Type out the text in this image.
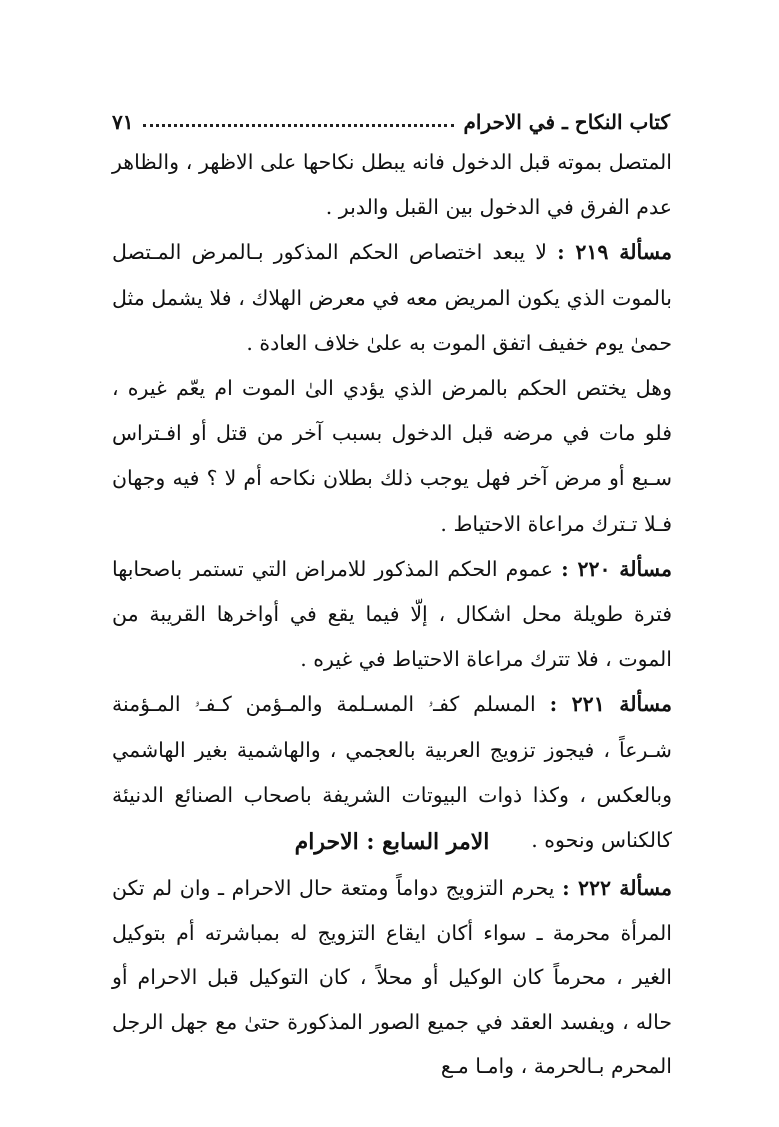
كتاب النكاح ـ في الاحرام
٧١

المتصل بموته قبل الدخول فانه يبطل نكاحها على الاظهر ، والظاهر عدم الفرق في الدخول بين القبل والدبر .

مسألة ٢١٩ : لا يبعد اختصاص الحكم المذكور بـالمرض المـتصل بالموت الذي يكون المريض معه في معرض الهلاك ، فلا يشمل مثل حمىٰ يوم خفيف اتفق الموت به علىٰ خلاف العادة .

وهل يختص الحكم بالمرض الذي يؤدي الىٰ الموت ام يعّم غيره ، فلو مات في مرضه قبل الدخول بسبب آخر من قتل أو افـتراس سـبع أو مرض آخر فهل يوجب ذلك بطلان نكاحه أم لا ؟ فيه وجهان فـلا تـترك مراعاة الاحتياط .

مسألة ٢٢٠ : عموم الحكم المذكور للامراض التي تستمر باصحابها فترة طويلة محل اشكال ، إلّا فيما يقع في أواخرها القريبة من الموت ، فلا تترك مراعاة الاحتياط في غيره .

مسألة ٢٢١ : المسلم كفـۥ المسـلمة والمـؤمن كـفـۥ المـؤمنة شـرعاً ، فيجوز تزويج العربية بالعجمي ، والهاشمية بغير الهاشمي وبالعكس ، وكذا ذوات البيوتات الشريفة باصحاب الصنائع الدنيئة كالكناس ونحوه .

الامر السابع : الاحرام

مسألة ٢٢٢ : يحرم التزويج دواماً ومتعة حال الاحرام ـ وان لم تكن المرأة محرمة ـ سواء أكان ايقاع التزويج له بمباشرته أم بتوكيل الغير ، محرماً كان الوكيل أو محلاً ، كان التوكيل قبل الاحرام أو حاله ، ويفسد العقد في جميع الصور المذكورة حتىٰ مع جهل الرجل المحرم بـالحرمة ، وامـا مـع
